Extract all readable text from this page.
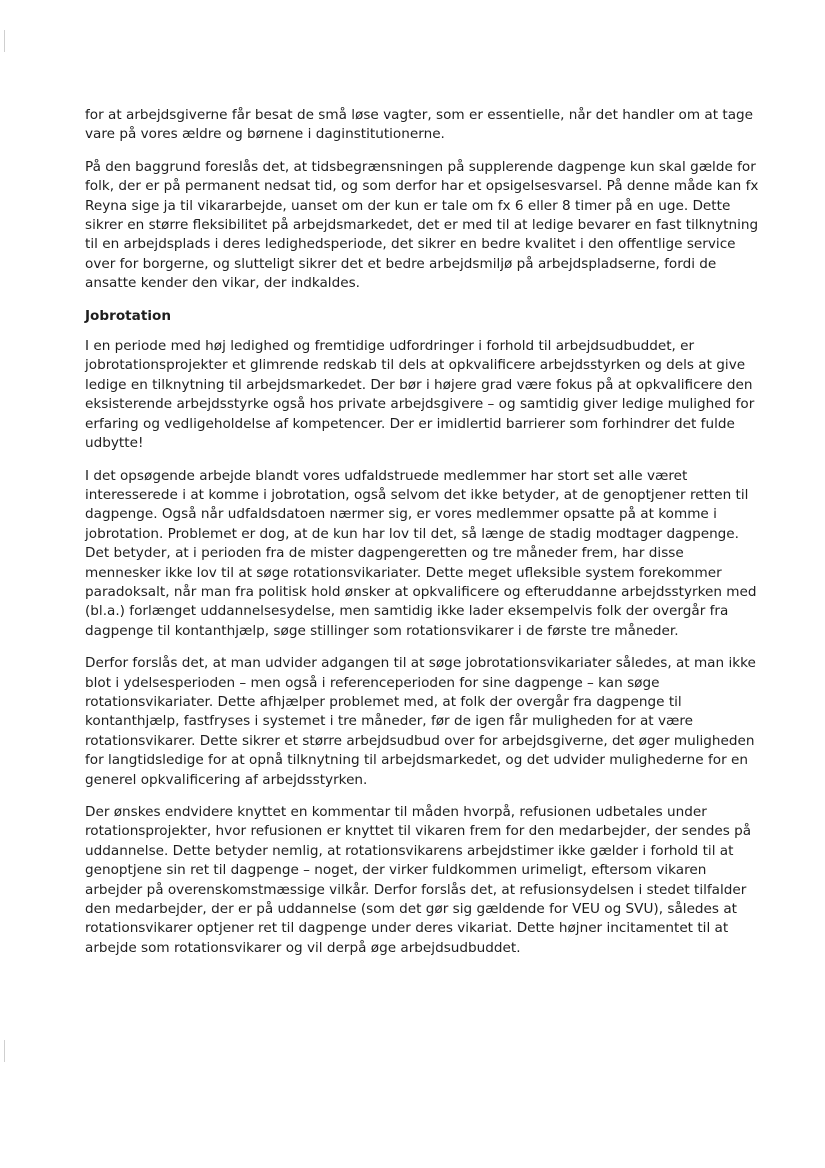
for at arbejdsgiverne får besat de små løse vagter, som er essentielle, når det handler om at tage vare på vores ældre og børnene i daginstitutionerne.

På den baggrund foreslås det, at tidsbegrænsningen på supplerende dagpenge kun skal gælde for folk, der er på permanent nedsat tid, og som derfor har et opsigelsesvarsel. På denne måde kan fx Reyna sige ja til vikararbejde, uanset om der kun er tale om fx 6 eller 8 timer på en uge. Dette sikrer en større fleksibilitet på arbejdsmarkedet, det er med til at ledige bevarer en fast tilknytning til en arbejdsplads i deres ledighedsperiode, det sikrer en bedre kvalitet i den offentlige service over for borgerne, og slutteligt sikrer det et bedre arbejdsmiljø på arbejdspladserne, fordi de ansatte kender den vikar, der indkaldes.

Jobrotation

I en periode med høj ledighed og fremtidige udfordringer i forhold til arbejdsudbuddet, er jobrotationsprojekter et glimrende redskab til dels at opkvalificere arbejdsstyrken og dels at give ledige en tilknytning til arbejdsmarkedet. Der bør i højere grad være fokus på at opkvalificere den eksisterende arbejdsstyrke også hos private arbejdsgivere – og samtidig giver ledige mulighed for erfaring og vedligeholdelse af kompetencer. Der er imidlertid barrierer som forhindrer det fulde udbytte!

I det opsøgende arbejde blandt vores udfaldstruede medlemmer har stort set alle været interesserede i at komme i jobrotation, også selvom det ikke betyder, at de genoptjener retten til dagpenge. Også når udfaldsdatoen nærmer sig, er vores medlemmer opsatte på at komme i jobrotation. Problemet er dog, at de kun har lov til det, så længe de stadig modtager dagpenge. Det betyder, at i perioden fra de mister dagpengeretten og tre måneder frem, har disse mennesker ikke lov til at søge rotationsvikariater. Dette meget ufleksible system forekommer paradoksalt, når man fra politisk hold ønsker at opkvalificere og efteruddanne arbejdsstyrken med (bl.a.) forlænget uddannelsesydelse, men samtidig ikke lader eksempelvis folk der overgår fra dagpenge til kontanthjælp, søge stillinger som rotationsvikarer i de første tre måneder.

Derfor forslås det, at man udvider adgangen til at søge jobrotationsvikariater således, at man ikke blot i ydelsesperioden – men også i referenceperioden for sine dagpenge – kan søge rotationsvikariater. Dette afhjælper problemet med, at folk der overgår fra dagpenge til kontanthjælp, fastfryses i systemet i tre måneder, før de igen får muligheden for at være rotationsvikarer. Dette sikrer et større arbejdsudbud over for arbejdsgiverne, det øger muligheden for langtidsledige for at opnå tilknytning til arbejdsmarkedet, og det udvider mulighederne for en generel opkvalificering af arbejdsstyrken.

Der ønskes endvidere knyttet en kommentar til måden hvorpå, refusionen udbetales under rotationsprojekter, hvor refusionen er knyttet til vikaren frem for den medarbejder, der sendes på uddannelse. Dette betyder nemlig, at rotationsvikarens arbejdstimer ikke gælder i forhold til at genoptjene sin ret til dagpenge – noget, der virker fuldkommen urimeligt, eftersom vikaren arbejder på overenskomstmæssige vilkår. Derfor forslås det, at refusionsydelsen i stedet tilfalder den medarbejder, der er på uddannelse (som det gør sig gældende for VEU og SVU), således at rotationsvikarer optjener ret til dagpenge under deres vikariat. Dette højner incitamentet til at arbejde som rotationsvikarer og vil derpå øge arbejdsudbuddet.
